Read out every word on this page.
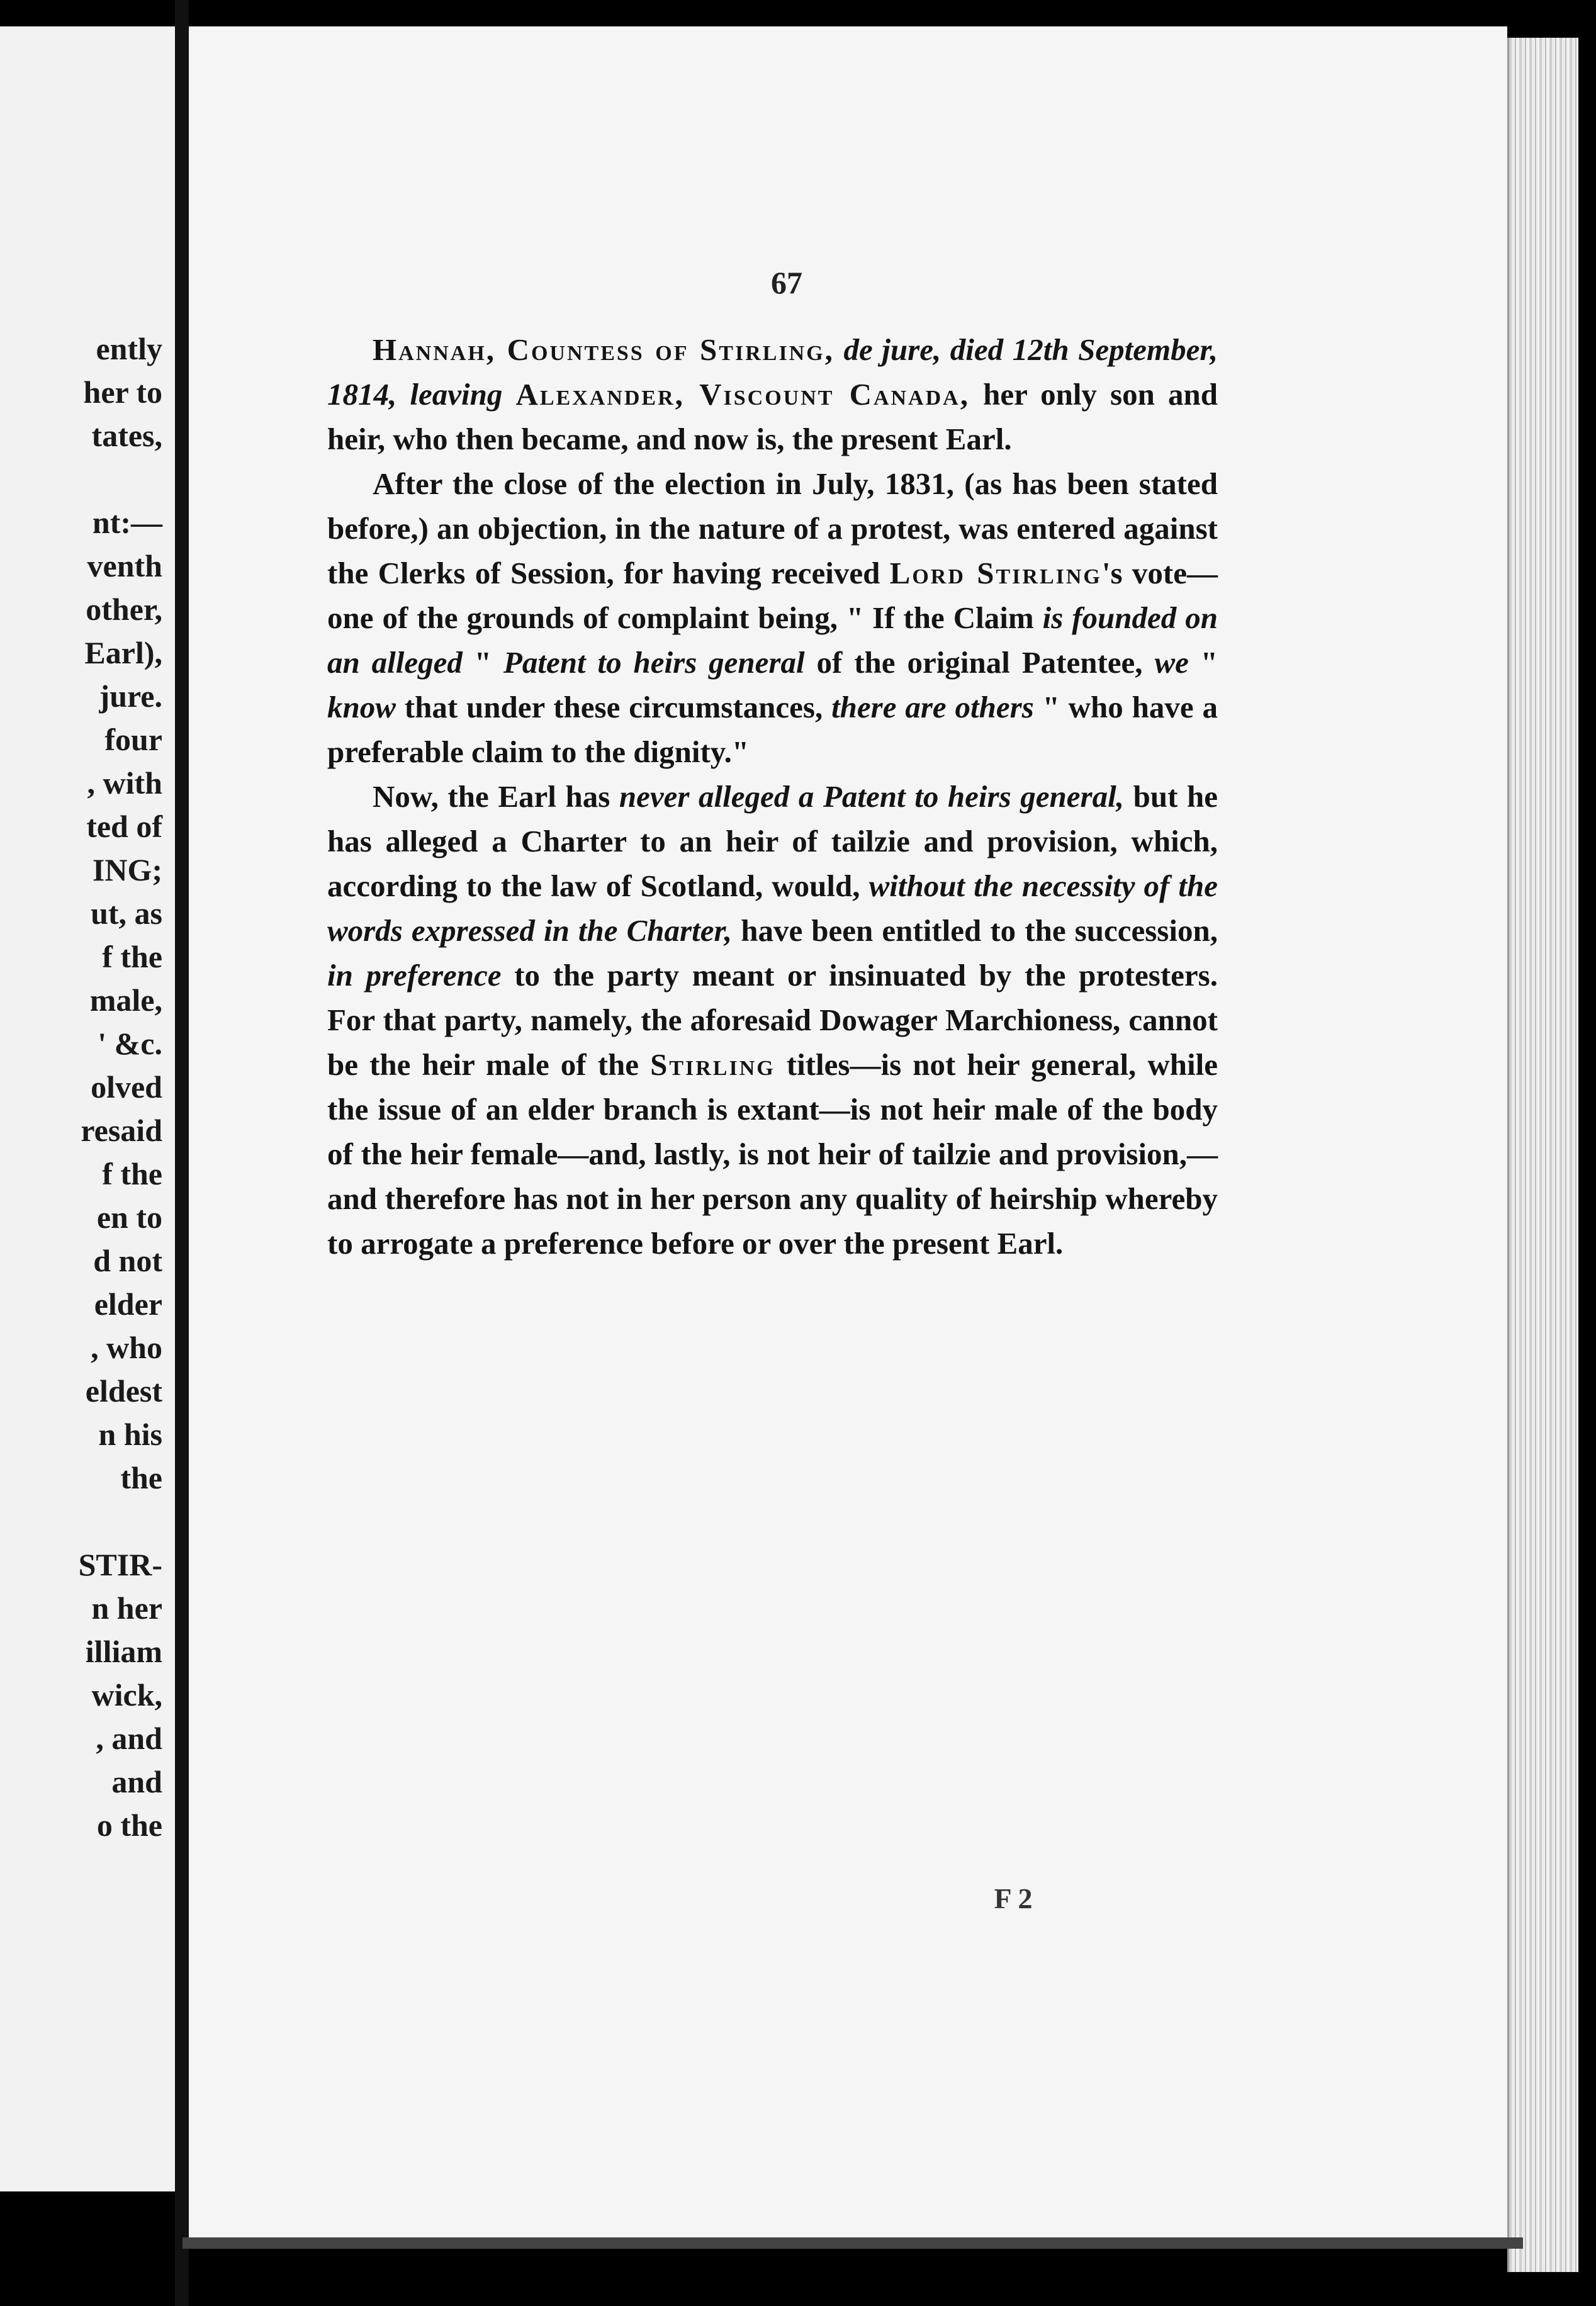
ently
her to
tates,
nt:—
venth
other,
Earl),
jure.
four
, with
ted of
ING;
ut, as
f the
male,
' &c.
olved
resaid
f the
en to
d not
elder
, who
eldest
n his
the
STIR-
n her
illiam
wick,
, and
and
o the
67

Hannah, Countess of Stirling, de jure, died 12th September, 1814, leaving Alexander, Viscount Canada, her only son and heir, who then became, and now is, the present Earl.

After the close of the election in July, 1831, (as has been stated before,) an objection, in the nature of a protest, was entered against the Clerks of Session, for having received Lord Stirling's vote—one of the grounds of complaint being, " If the Claim is founded on an alleged " Patent to heirs general of the original Patentee, we " know that under these circumstances, there are others " who have a preferable claim to the dignity."

Now, the Earl has never alleged a Patent to heirs general, but he has alleged a Charter to an heir of tailzie and provision, which, according to the law of Scotland, would, without the necessity of the words expressed in the Charter, have been entitled to the succession, in preference to the party meant or insinuated by the protesters. For that party, namely, the aforesaid Dowager Marchioness, cannot be the heir male of the Stirling titles—is not heir general, while the issue of an elder branch is extant—is not heir male of the body of the heir female—and, lastly, is not heir of tailzie and provision,—and therefore has not in her person any quality of heirship whereby to arrogate a preference before or over the present Earl.

F 2
